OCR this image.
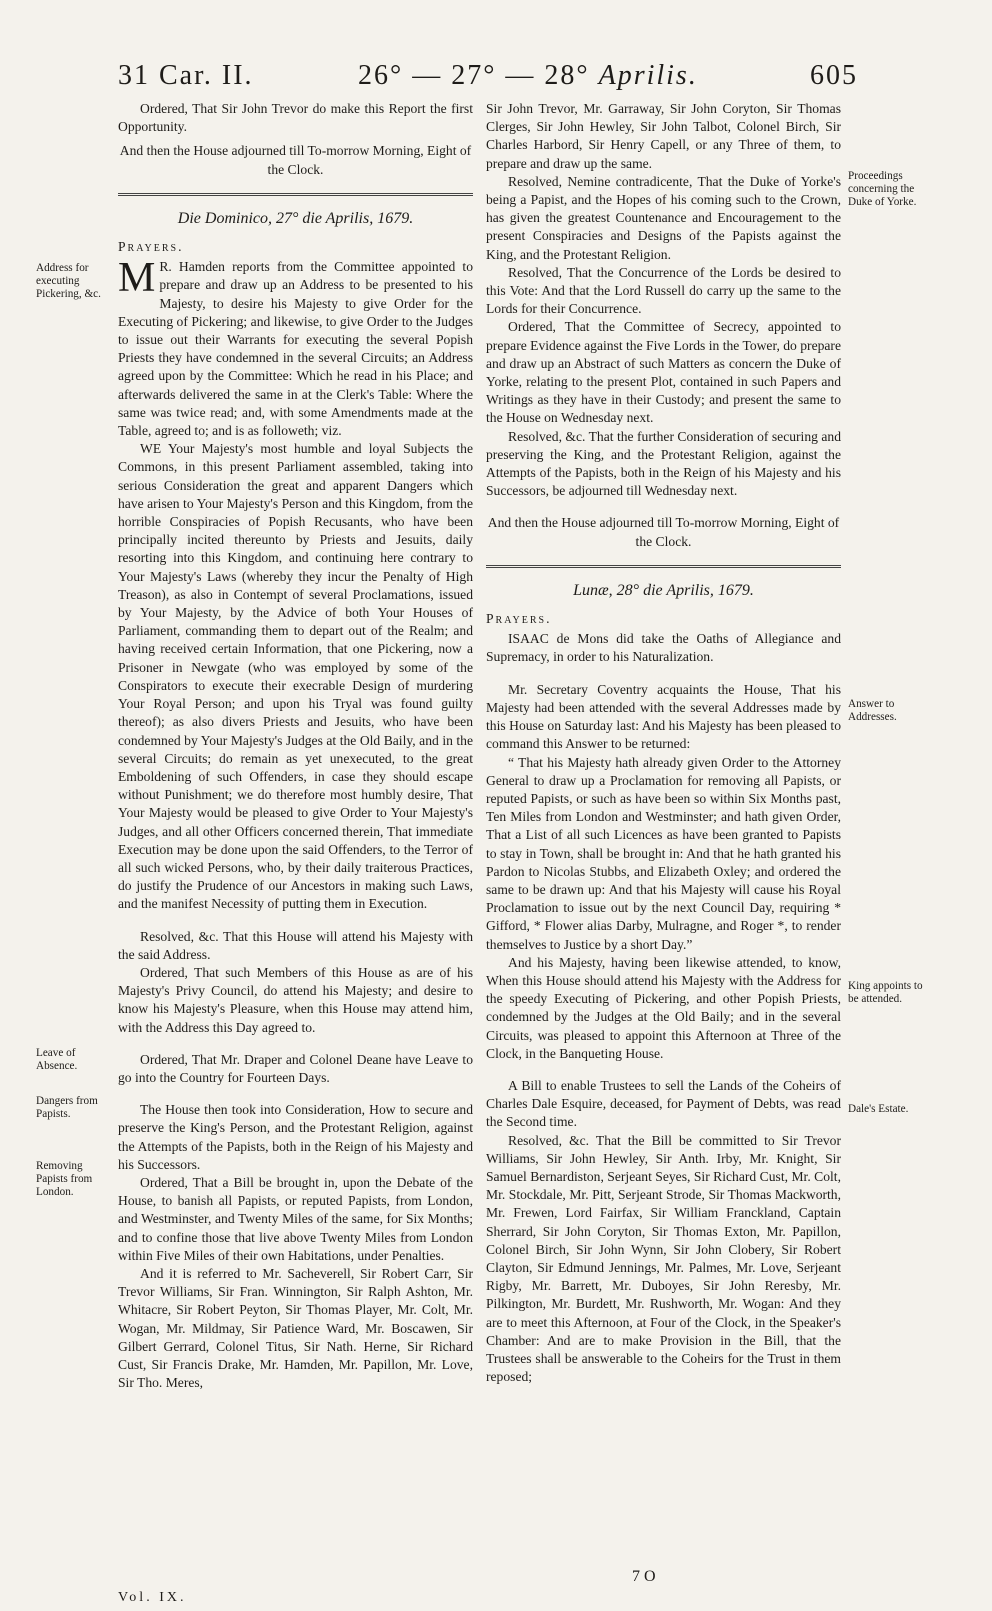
31 Car. II.	26° — 27° — 28° Aprilis.	605
Address for executing Pickering, &c.
Leave of Absence.
Dangers from Papists.
Removing Papists from London.
Proceedings concerning the Duke of Yorke.
Answer to Addresses.
King appoints to be attended.
Dale's Estate.

Ordered, That Sir John Trevor do make this Report the first Opportunity.

And then the House adjourned till To-morrow Morning, Eight of the Clock.

Die Dominico, 27° die Aprilis, 1679.

Prayers.

M R. Hamden reports from the Committee appointed to prepare and draw up an Address to be presented to his Majesty, to desire his Majesty to give Order for the Executing of Pickering; and likewise, to give Order to the Judges to issue out their Warrants for executing the several Popish Priests they have condemned in the several Circuits; an Address agreed upon by the Committee: Which he read in his Place; and afterwards delivered the same in at the Clerk's Table: Where the same was twice read; and, with some Amendments made at the Table, agreed to; and is as followeth; viz.

WE Your Majesty's most humble and loyal Subjects the Commons, in this present Parliament assembled, taking into serious Consideration the great and apparent Dangers which have arisen to Your Majesty's Person and this Kingdom, from the horrible Conspiracies of Popish Recusants, who have been principally incited thereunto by Priests and Jesuits, daily resorting into this Kingdom, and continuing here contrary to Your Majesty's Laws (whereby they incur the Penalty of High Treason), as also in Contempt of several Proclamations, issued by Your Majesty, by the Advice of both Your Houses of Parliament, commanding them to depart out of the Realm; and having received certain Information, that one Pickering, now a Prisoner in Newgate (who was employed by some of the Conspirators to execute their execrable Design of murdering Your Royal Person; and upon his Tryal was found guilty thereof); as also divers Priests and Jesuits, who have been condemned by Your Majesty's Judges at the Old Baily, and in the several Circuits; do remain as yet unexecuted, to the great Emboldening of such Offenders, in case they should escape without Punishment; we do therefore most humbly desire, That Your Majesty would be pleased to give Order to Your Majesty's Judges, and all other Officers concerned therein, That immediate Execution may be done upon the said Offenders, to the Terror of all such wicked Persons, who, by their daily traiterous Practices, do justify the Prudence of our Ancestors in making such Laws, and the manifest Necessity of putting them in Execution.

Resolved, &c. That this House will attend his Majesty with the said Address.

Ordered, That such Members of this House as are of his Majesty's Privy Council, do attend his Majesty; and desire to know his Majesty's Pleasure, when this House may attend him, with the Address this Day agreed to.

Ordered, That Mr. Draper and Colonel Deane have Leave to go into the Country for Fourteen Days.

The House then took into Consideration, How to secure and preserve the King's Person, and the Protestant Religion, against the Attempts of the Papists, both in the Reign of his Majesty and his Successors.

Ordered, That a Bill be brought in, upon the Debate of the House, to banish all Papists, or reputed Papists, from London, and Westminster, and Twenty Miles of the same, for Six Months; and to confine those that live above Twenty Miles from London within Five Miles of their own Habitations, under Penalties.

And it is referred to Mr. Sacheverell, Sir Robert Carr, Sir Trevor Williams, Sir Fran. Winnington, Sir Ralph Ashton, Mr. Whitacre, Sir Robert Peyton, Sir Thomas Player, Mr. Colt, Mr. Wogan, Mr. Mildmay, Sir Patience Ward, Mr. Boscawen, Sir Gilbert Gerrard, Colonel Titus, Sir Nath. Herne, Sir Richard Cust, Sir Francis Drake, Mr. Hamden, Mr. Papillon, Mr. Love, Sir Tho. Meres,

Sir John Trevor, Mr. Garraway, Sir John Coryton, Sir Thomas Clerges, Sir John Hewley, Sir John Talbot, Colonel Birch, Sir Charles Harbord, Sir Henry Capell, or any Three of them, to prepare and draw up the same.

Resolved, Nemine contradicente, That the Duke of Yorke's being a Papist, and the Hopes of his coming such to the Crown, has given the greatest Countenance and Encouragement to the present Conspiracies and Designs of the Papists against the King, and the Protestant Religion.

Resolved, That the Concurrence of the Lords be desired to this Vote: And that the Lord Russell do carry up the same to the Lords for their Concurrence.

Ordered, That the Committee of Secrecy, appointed to prepare Evidence against the Five Lords in the Tower, do prepare and draw up an Abstract of such Matters as concern the Duke of Yorke, relating to the present Plot, contained in such Papers and Writings as they have in their Custody; and present the same to the House on Wednesday next.

Resolved, &c. That the further Consideration of securing and preserving the King, and the Protestant Religion, against the Attempts of the Papists, both in the Reign of his Majesty and his Successors, be adjourned till Wednesday next.

And then the House adjourned till To-morrow Morning, Eight of the Clock.

Lunæ, 28° die Aprilis, 1679.

Prayers.

ISAAC de Mons did take the Oaths of Allegiance and Supremacy, in order to his Naturalization.

Mr. Secretary Coventry acquaints the House, That his Majesty had been attended with the several Addresses made by this House on Saturday last: And his Majesty has been pleased to command this Answer to be returned:

“ That his Majesty hath already given Order to the Attorney General to draw up a Proclamation for removing all Papists, or reputed Papists, or such as have been so within Six Months past, Ten Miles from London and Westminster; and hath given Order, That a List of all such Licences as have been granted to Papists to stay in Town, shall be brought in: And that he hath granted his Pardon to Nicolas Stubbs, and Elizabeth Oxley; and ordered the same to be drawn up: And that his Majesty will cause his Royal Proclamation to issue out by the next Council Day, requiring * Gifford, * Flower alias Darby, Mulragne, and Roger *, to render themselves to Justice by a short Day.”

And his Majesty, having been likewise attended, to know, When this House should attend his Majesty with the Address for the speedy Executing of Pickering, and other Popish Priests, condemned by the Judges at the Old Baily; and in the several Circuits, was pleased to appoint this Afternoon at Three of the Clock, in the Banqueting House.

A Bill to enable Trustees to sell the Lands of the Coheirs of Charles Dale Esquire, deceased, for Payment of Debts, was read the Second time.

Resolved, &c. That the Bill be committed to Sir Trevor Williams, Sir John Hewley, Sir Anth. Irby, Mr. Knight, Sir Samuel Bernardiston, Serjeant Seyes, Sir Richard Cust, Mr. Colt, Mr. Stockdale, Mr. Pitt, Serjeant Strode, Sir Thomas Mackworth, Mr. Frewen, Lord Fairfax, Sir William Franckland, Captain Sherrard, Sir John Coryton, Sir Thomas Exton, Mr. Papillon, Colonel Birch, Sir John Wynn, Sir John Clobery, Sir Robert Clayton, Sir Edmund Jennings, Mr. Palmes, Mr. Love, Serjeant Rigby, Mr. Barrett, Mr. Duboyes, Sir John Reresby, Mr. Pilkington, Mr. Burdett, Mr. Rushworth, Mr. Wogan: And they are to meet this Afternoon, at Four of the Clock, in the Speaker's Chamber: And are to make Provision in the Bill, that the Trustees shall be answerable to the Coheirs for the Trust in them reposed;

Vol. IX.
7 O
